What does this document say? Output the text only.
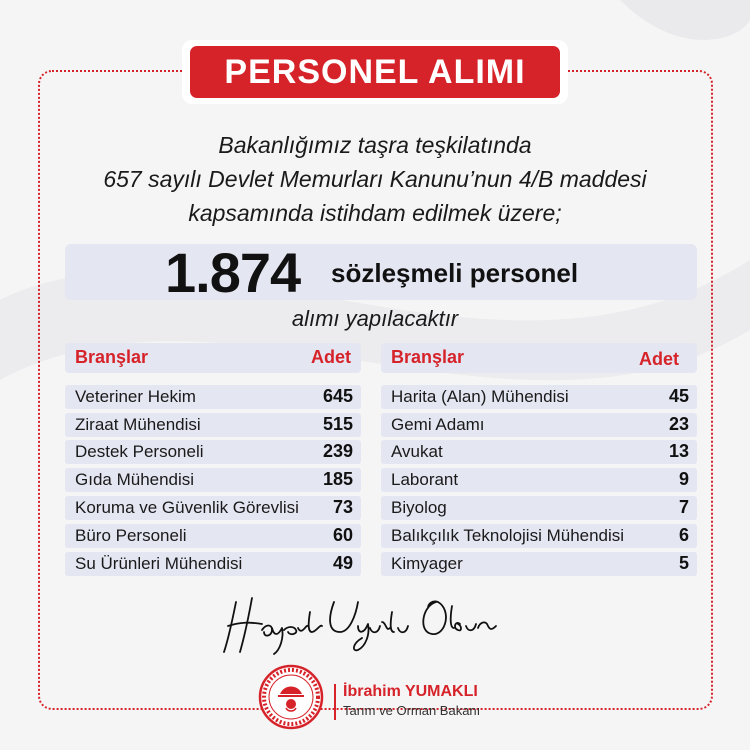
PERSONEL ALIMI
Bakanlığımız taşra teşkilatında
657 sayılı Devlet Memurları Kanunu’nun 4/B maddesi
kapsamında istihdam edilmek üzere;
1.874 sözleşmeli personel
alımı yapılacaktır
Branşlar	Adet
Veteriner Hekim	645
Ziraat Mühendisi	515
Destek Personeli	239
Gıda Mühendisi	185
Koruma ve Güvenlik Görevlisi 73
Büro Personeli	60
Su Ürünleri Mühendisi	49
Branşlar	Adet
Harita (Alan) Mühendisi	45
Gemi Adamı	23
Avukat	13
Laborant	9
Biyolog	7
Balıkçılık Teknolojisi Mühendisi	6
Kimyager	5
İbrahim YUMAKLI
Tarım ve Orman Bakanı
